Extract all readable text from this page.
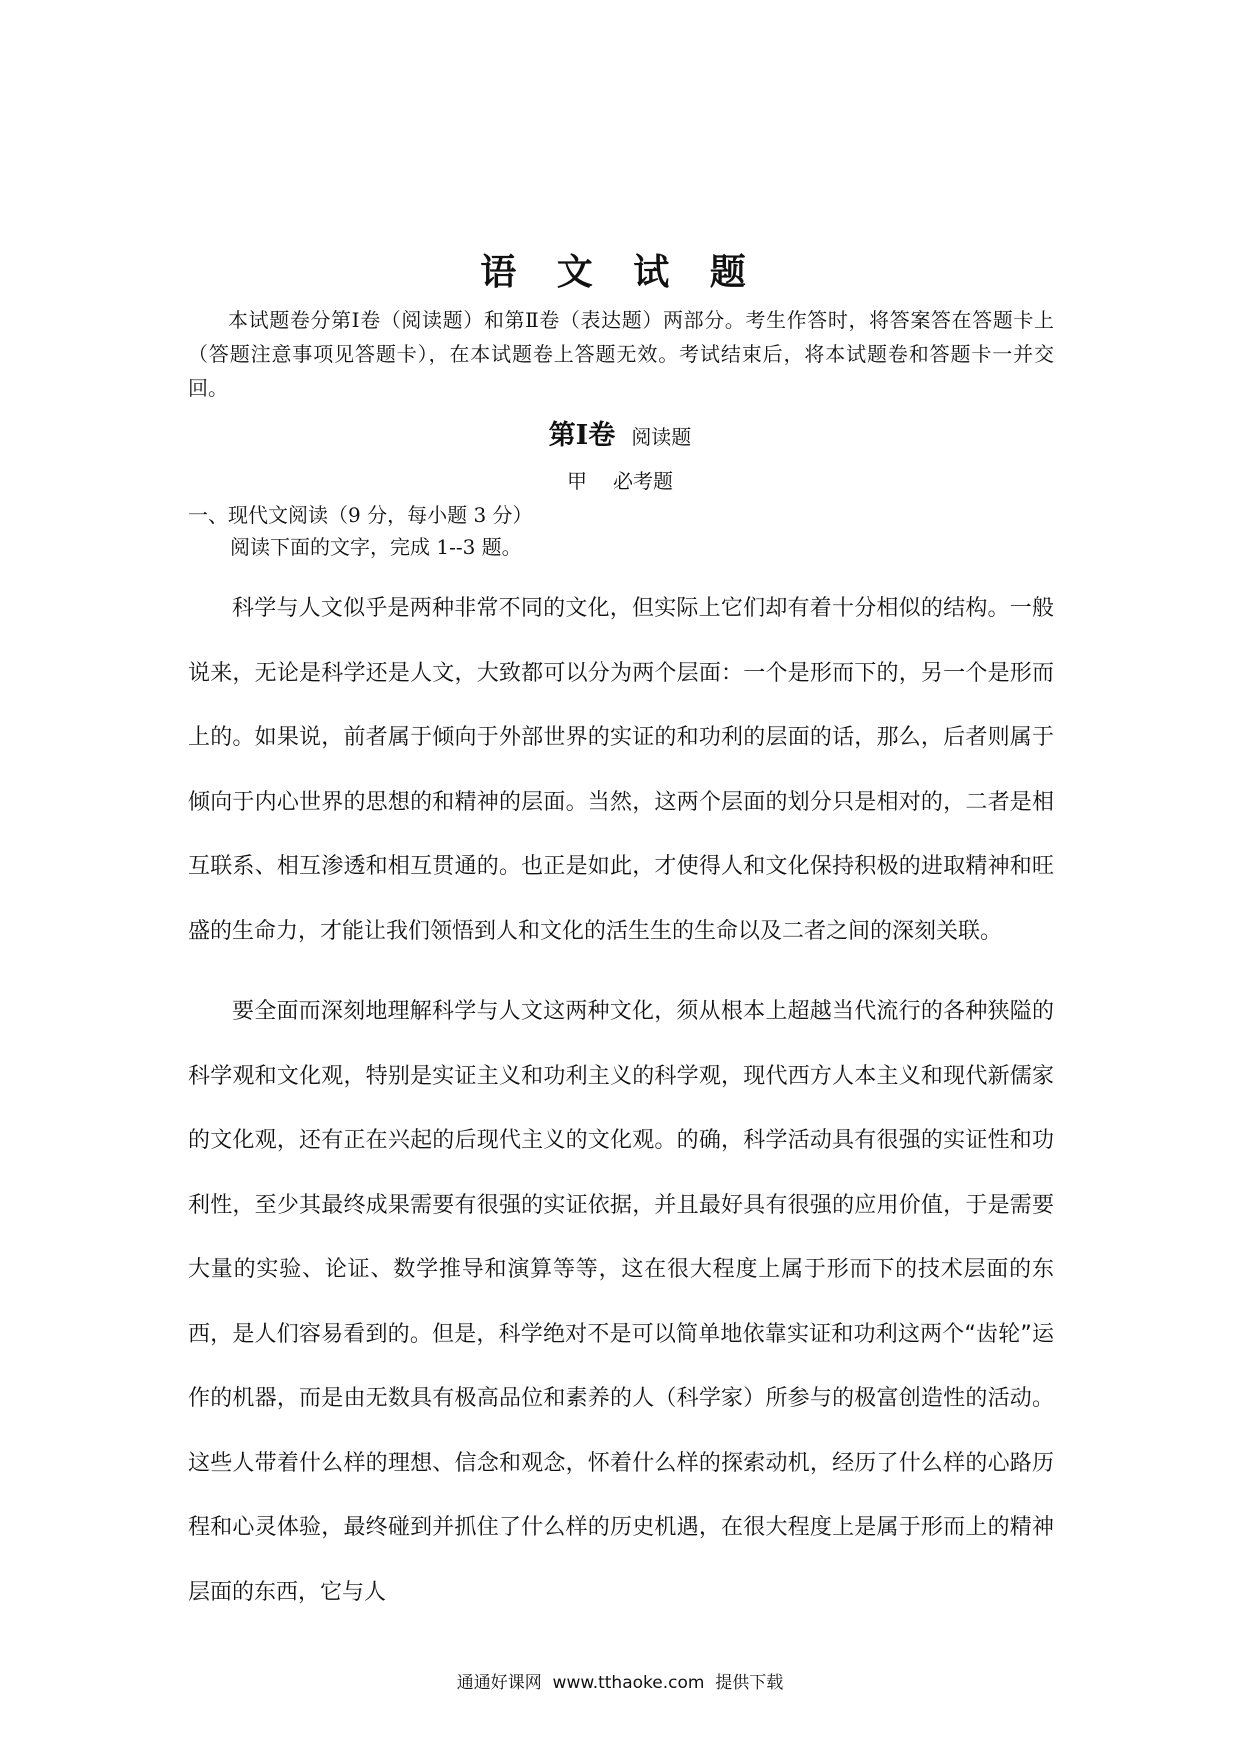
语 文 试 题

本试题卷分第Ⅰ卷（阅读题）和第Ⅱ卷（表达题）两部分。考生作答时，将答案答在答题卡上（答题注意事项见答题卡），在本试题卷上答题无效。考试结束后，将本试题卷和答题卡一并交回。

第Ⅰ卷 阅读题
甲 必考题
一、现代文阅读（9 分，每小题 3 分）
阅读下面的文字，完成 1--3 题。

科学与人文似乎是两种非常不同的文化，但实际上它们却有着十分相似的结构。一般说来，无论是科学还是人文，大致都可以分为两个层面：一个是形而下的，另一个是形而上的。如果说，前者属于倾向于外部世界的实证的和功利的层面的话，那么，后者则属于倾向于内心世界的思想的和精神的层面。当然，这两个层面的划分只是相对的，二者是相互联系、相互渗透和相互贯通的。也正是如此，才使得人和文化保持积极的进取精神和旺盛的生命力，才能让我们领悟到人和文化的活生生的生命以及二者之间的深刻关联。

要全面而深刻地理解科学与人文这两种文化，须从根本上超越当代流行的各种狭隘的科学观和文化观，特别是实证主义和功利主义的科学观，现代西方人本主义和现代新儒家的文化观，还有正在兴起的后现代主义的文化观。的确，科学活动具有很强的实证性和功利性，至少其最终成果需要有很强的实证依据，并且最好具有很强的应用价值，于是需要大量的实验、论证、数学推导和演算等等，这在很大程度上属于形而下的技术层面的东西，是人们容易看到的。但是，科学绝对不是可以简单地依靠实证和功利这两个“齿轮”运作的机器，而是由无数具有极高品位和素养的人（科学家）所参与的极富创造性的活动。这些人带着什么样的理想、信念和观念，怀着什么样的探索动机，经历了什么样的心路历程和心灵体验，最终碰到并抓住了什么样的历史机遇，在很大程度上是属于形而上的精神层面的东西，它与人

通通好课网  www.tthaoke.com  提供下载
